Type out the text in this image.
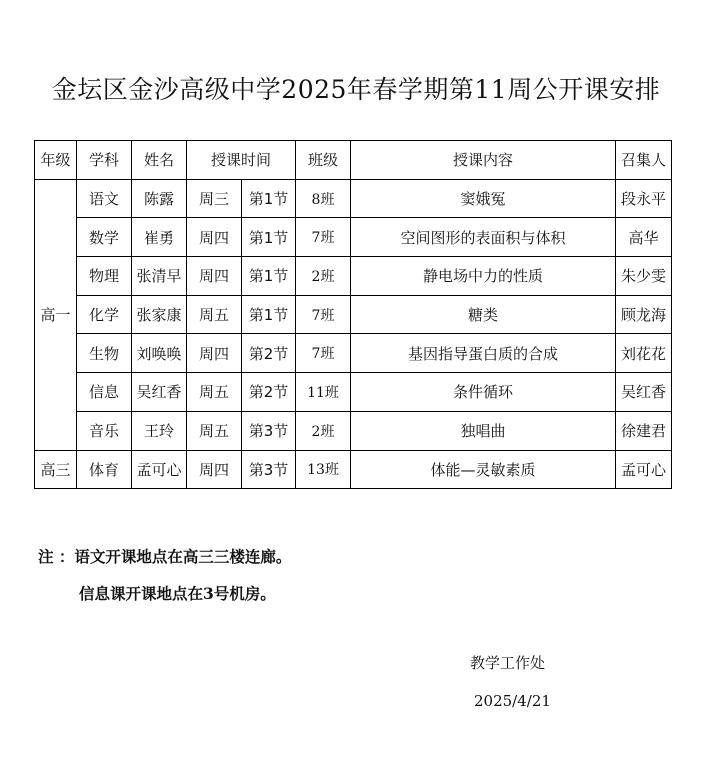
金坛区金沙高级中学2025年春学期第11周公开课安排
年级	学科	姓名	授课时间		班级	授课内容	召集人
高一	语文	陈露	周三	第1节	8班	窦娥冤	段永平
	数学	崔勇	周四	第1节	7班	空间图形的表面积与体积	高华
	物理	张清早	周四	第1节	2班	静电场中力的性质	朱少雯
	化学	张家康	周五	第1节	7班	糖类	顾龙海
	生物	刘唤唤	周四	第2节	7班	基因指导蛋白质的合成	刘花花
	信息	吴红香	周五	第2节	11班	条件循环	吴红香
	音乐	王玲	周五	第3节	2班	独唱曲	徐建君
高三	体育	孟可心	周四	第3节	13班	体能—灵敏素质	孟可心
注 ：语文开课地点在高三三楼连廊。
信息课开课地点在3号机房。
教学工作处
2025/4/21
